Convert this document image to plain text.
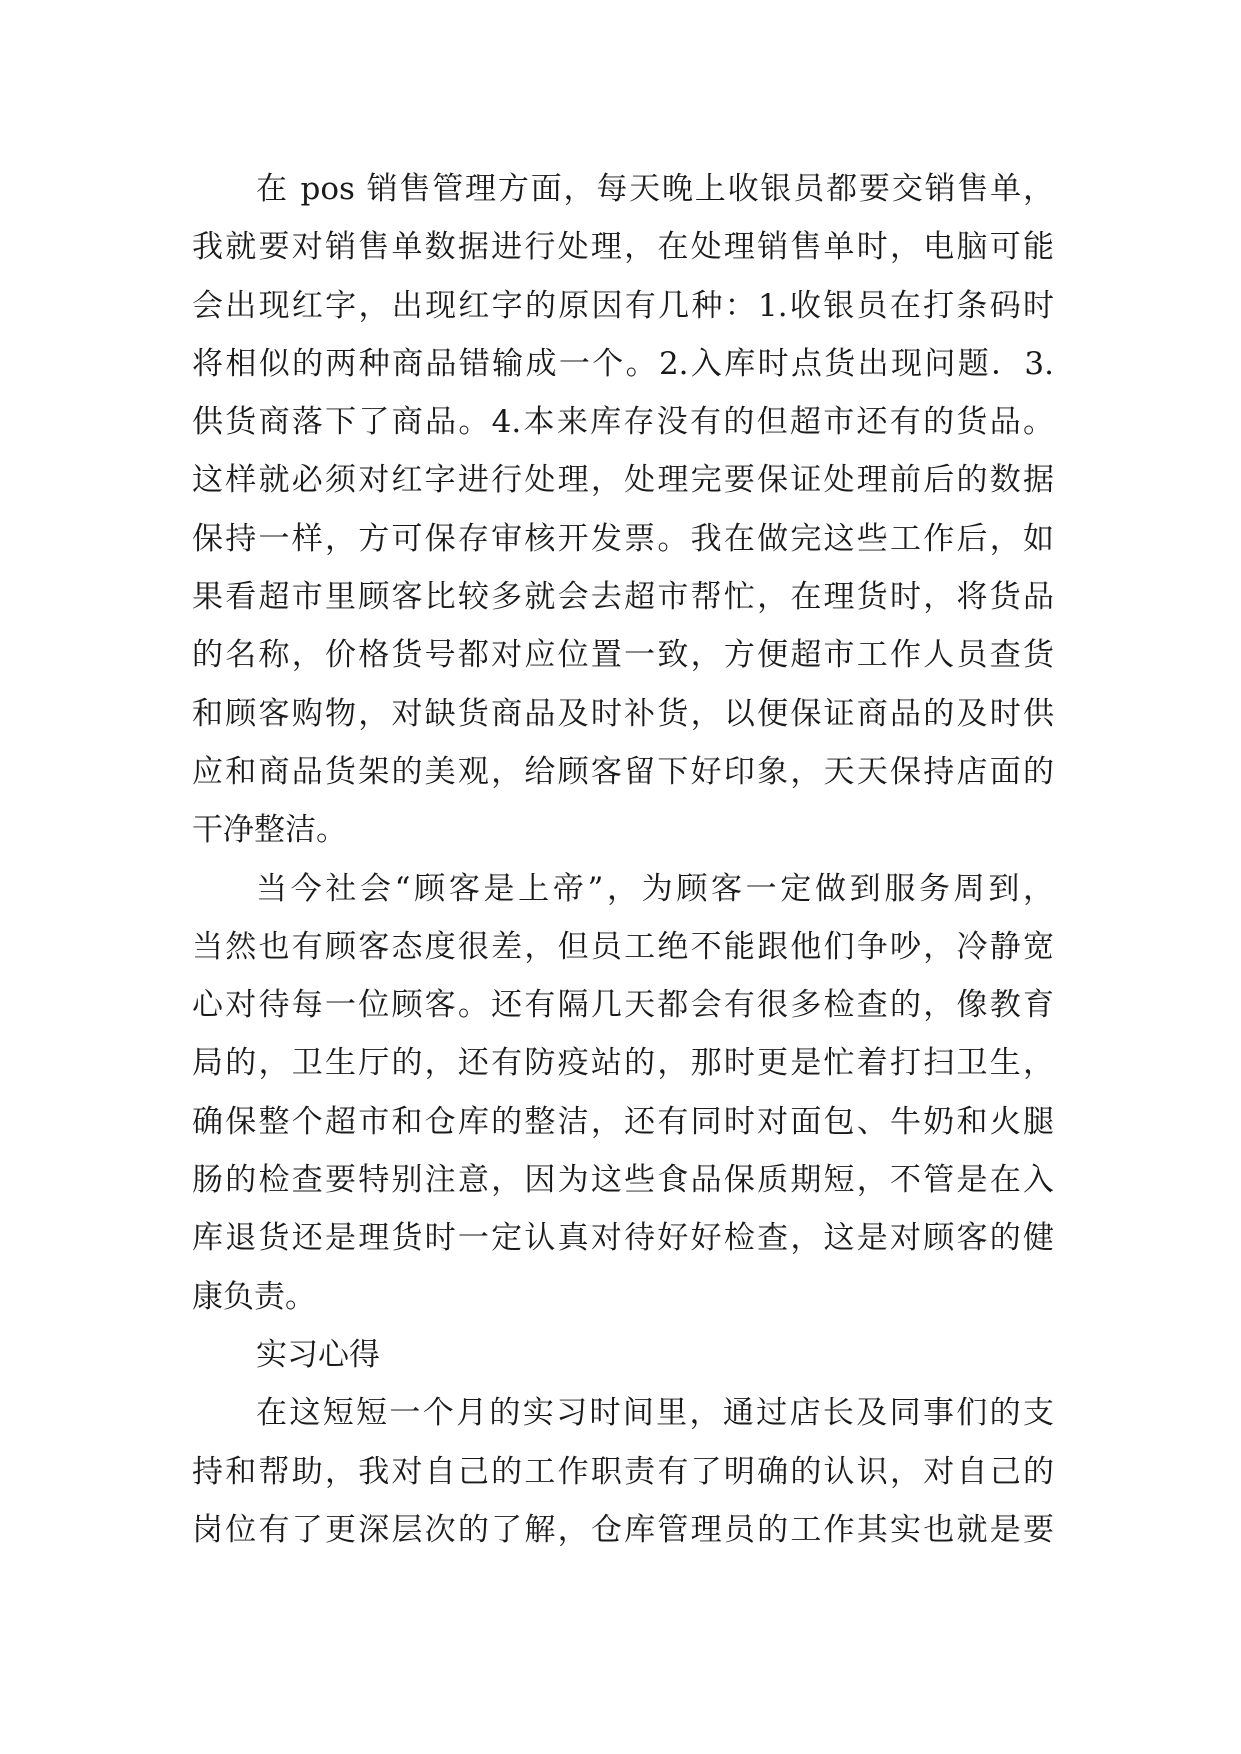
在 pos 销售管理方面，每天晚上收银员都要交销售单，
我就要对销售单数据进行处理，在处理销售单时，电脑可能
会出现红字，出现红字的原因有几种：1.收银员在打条码时
将相似的两种商品错输成一个。2.入库时点货出现问题．3.
供货商落下了商品。4.本来库存没有的但超市还有的货品。
这样就必须对红字进行处理，处理完要保证处理前后的数据
保持一样，方可保存审核开发票。我在做完这些工作后，如
果看超市里顾客比较多就会去超市帮忙，在理货时，将货品
的名称，价格货号都对应位置一致，方便超市工作人员查货
和顾客购物，对缺货商品及时补货，以便保证商品的及时供
应和商品货架的美观，给顾客留下好印象，天天保持店面的
干净整洁。
当今社会“顾客是上帝”，为顾客一定做到服务周到，
当然也有顾客态度很差，但员工绝不能跟他们争吵，冷静宽
心对待每一位顾客。还有隔几天都会有很多检查的，像教育
局的，卫生厅的，还有防疫站的，那时更是忙着打扫卫生，
确保整个超市和仓库的整洁，还有同时对面包、牛奶和火腿
肠的检查要特别注意，因为这些食品保质期短，不管是在入
库退货还是理货时一定认真对待好好检查，这是对顾客的健
康负责。
实习心得
在这短短一个月的实习时间里，通过店长及同事们的支
持和帮助，我对自己的工作职责有了明确的认识，对自己的
岗位有了更深层次的了解，仓库管理员的工作其实也就是要
